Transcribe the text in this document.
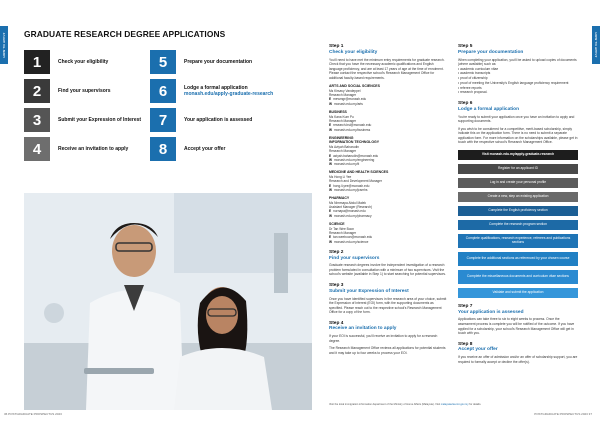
HOW TO APPLY	HOW TO APPLY
GRADUATE RESEARCH DEGREE APPLICATIONS
1	Check your eligibility
2	Find your supervisors
3	Submit your Expression of Interest
4	Receive an invitation to apply
5	Prepare your documentation
6	Lodge a formal application
monash.edu/apply-graduate-research
7	Your application is assessed
8	Accept your offer
Step 1
Check your eligibility
You'll need to have met the minimum entry requirements for graduate research. Check that you have the necessary academic qualifications and English language proficiency, and are at least 17 years of age at the time of enrolment. Please contact the respective school's Research Management Office for additional faculty-based requirements.
ARTS AND SOCIAL SCIENCES
Ms Kirsavy Vandeppel
Research Manager
E mewmgr@monash.edu
W monash.edu.my/arts
BUSINESS
Ms Kana Kum Pu
Research Manager
E research.bsl@monash.edu
W monash.edu.my/business
ENGINEERING
INFORMATION TECHNOLOGY
Ms Aziyah Baharudin
Research Manager
E aziyah.baharudin@monash.edu
W monash.edu.my/engineering
W monash.edu.my/it
MEDICINE AND HEALTH SCIENCES
Ms Hong Li Yee
Research and Development Manager
E hong.li.yee@monash.edu
W monash.edu.my/jcsmhs
PHARMACY
Ms Nimmapa Abdul Malek
Assistant Manager (Research)
E nurnapa@monash.edu
W monash.edu.my/pharmacy
SCIENCE
Dr Tan Wee Boon
Research Manager
E tan.weeboon@monash.edu
W monash.edu.my/science
Step 2
Find your supervisors
Graduate research degrees involve the independent investigation of a research problem formulated in consultation with a minimum of two supervisors. Visit the school's website (available in Step 1) to start searching for potential supervisors.
Step 3
Submit your Expression of Interest
Once you have identified supervisors in the research area of your choice, submit the Expression of Interest (EOI) form, with the supporting documents as specified. Please reach out to the respective school's Research Management Office for a copy of the form.
Step 4
Receive an invitation to apply
If your EOI is successful, you'll receive an invitation to apply for a research degree.
The Research Management Office reviews all applications for potential students and it may take up to four weeks to process your EOI.
Step 5
Prepare your documentation
When completing your application, you'll be asked to upload copies of documents (where available) such as:
• academic curriculum vitae
• academic transcripts
• proof of citizenship
• proof of meeting the University's English language proficiency requirement
• referee reports
• research proposal.
Step 6
Lodge a formal application
You're ready to submit your application once you have an invitation to apply and supporting documents.
If you wish to be considered for a competitive, merit-based scholarship, simply indicate this on the application form. There is no need to submit a separate application form. For more information on the scholarships available, please get in touch with the respective school's Research Management Office.
Visit monash.edu.my/apply-graduate-research
Register for an applicant ID
Log in and create your personal profile
Create a new, step an existing application
Complete the English proficiency section
Complete the research program section
Complete qualifications, research experience, referees and publications sections
Complete the additional sections as referenced by your chosen course
Complete the miscellaneous documents and curriculum vitae sections
Validate and submit the application
Step 7
Your application is assessed
Applications can take three to six to eight weeks to process. Once the assessment process is complete you will be notified of the outcome. If you have applied for a scholarship, your school's Research Management Office will get in touch with you.
Step 8
Accept your offer
If you receive an offer of admission and/or an offer of scholarship support, you are required to formally accept or decline the offer(s).
Visit the local immigration information department of the Ministry of Home Affairs (Malaysia). Visit malaysiavisa.imi.gov.my for details.
36 POSTGRADUATE PROSPECTUS 2023	POSTGRADUATE PROSPECTUS 2023 37
